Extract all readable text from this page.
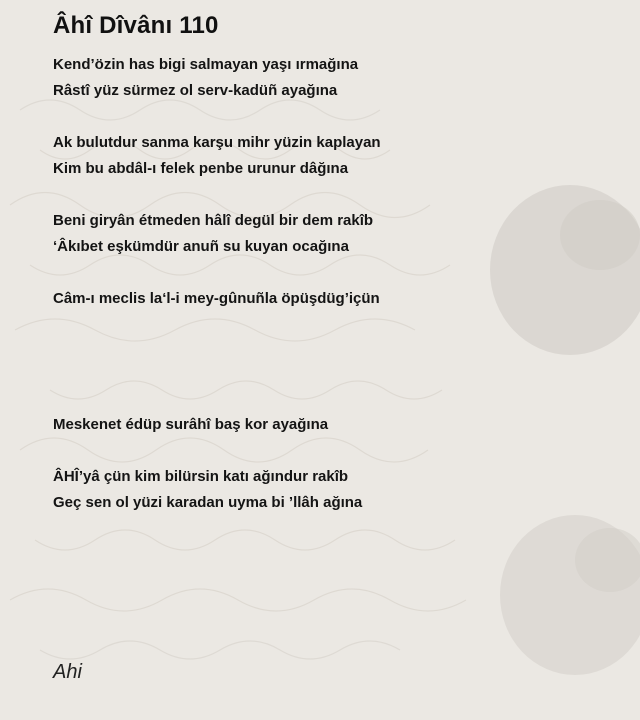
Âhî Dîvânı 110
Kend’özin has bigi salmayan yaşı ırmağına
Râstî yüz sürmez ol serv-kadüñ ayağına
Ak bulutdur sanma karşu mihr yüzin kaplayan
Kim bu abdâl-ı felek penbe urunur dâğına
Beni giryân étmeden hâlî degül bir dem rakîb
‘Âkıbet eşkümdür anuñ su kuyan ocağına
Câm-ı meclis la‘l-i mey-gûnuñla öpüşdüg’içün
Meskenet édüp surâhî baş kor ayağına
ÂHÎ’yâ çün kim bilürsin katı ağındur rakîb
Geç sen ol yüzi karadan uyma bi ’llâh ağına
Ahi
